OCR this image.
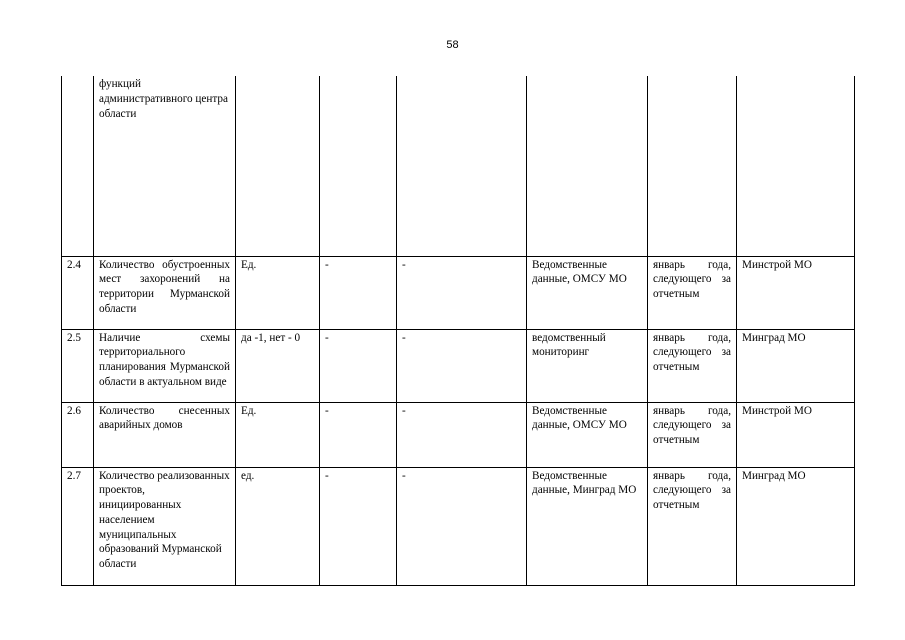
58

	функций административного центра области						

2.4	Количество обустроенных мест захоронений на территории Мурманской области	Ед.	-	-	Ведомственные данные, ОМСУ МО	январь года, следующего за отчетным	Минстрой МО
2.5	Наличие схемы территориального планирования Мурманской области в актуальном виде	да -1, нет - 0	-	-	ведомственный мониторинг	январь года, следующего за отчетным	Минград МО
2.6	Количество снесенных аварийных домов	Ед.	-	-	Ведомственные данные, ОМСУ МО	январь года, следующего за отчетным	Минстрой МО
2.7	Количество реализованных проектов, инициированных населением муниципальных образований Мурманской области	ед.	-	-	Ведомственные данные, Минград МО	январь года, следующего за отчетным	Минград МО
